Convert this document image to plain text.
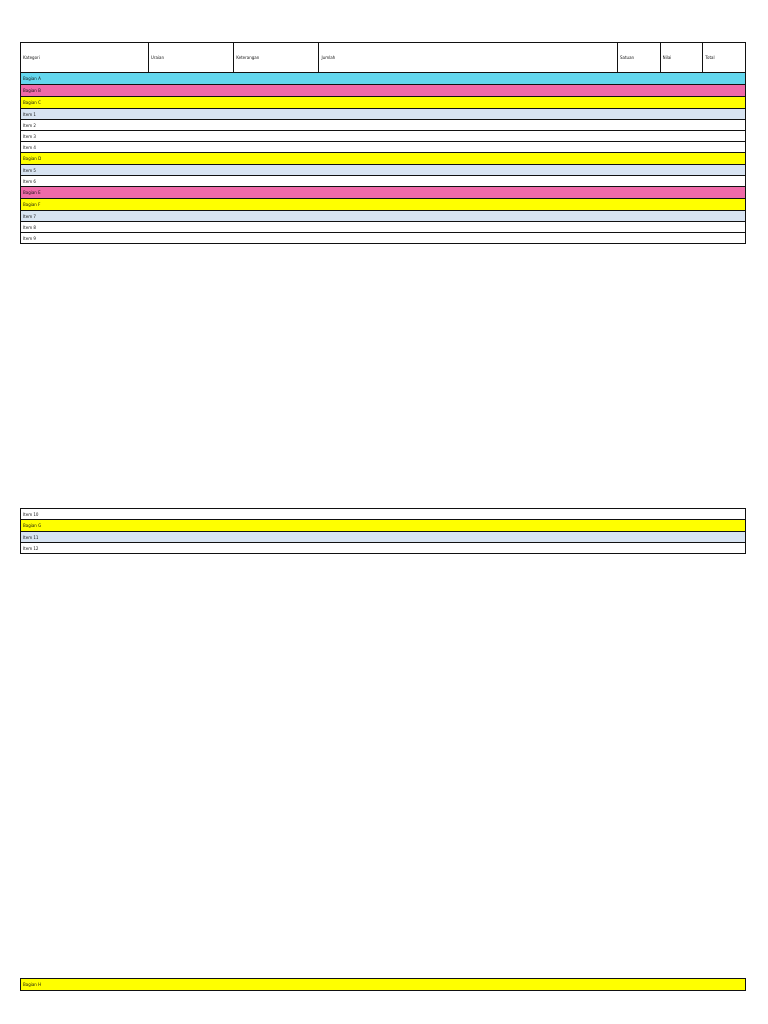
Kategori	Uraian	Keterangan	Jumlah	Satuan	Nilai	Total
Bagian A
Bagian B
Bagian C
Item 1
Item 2
Item 3
Item 4
Bagian D
Item 5
Item 6
Bagian E
Bagian F
Item 7
Item 8
Item 9
Item 10
Bagian G
Item 11
Item 12
Bagian H
